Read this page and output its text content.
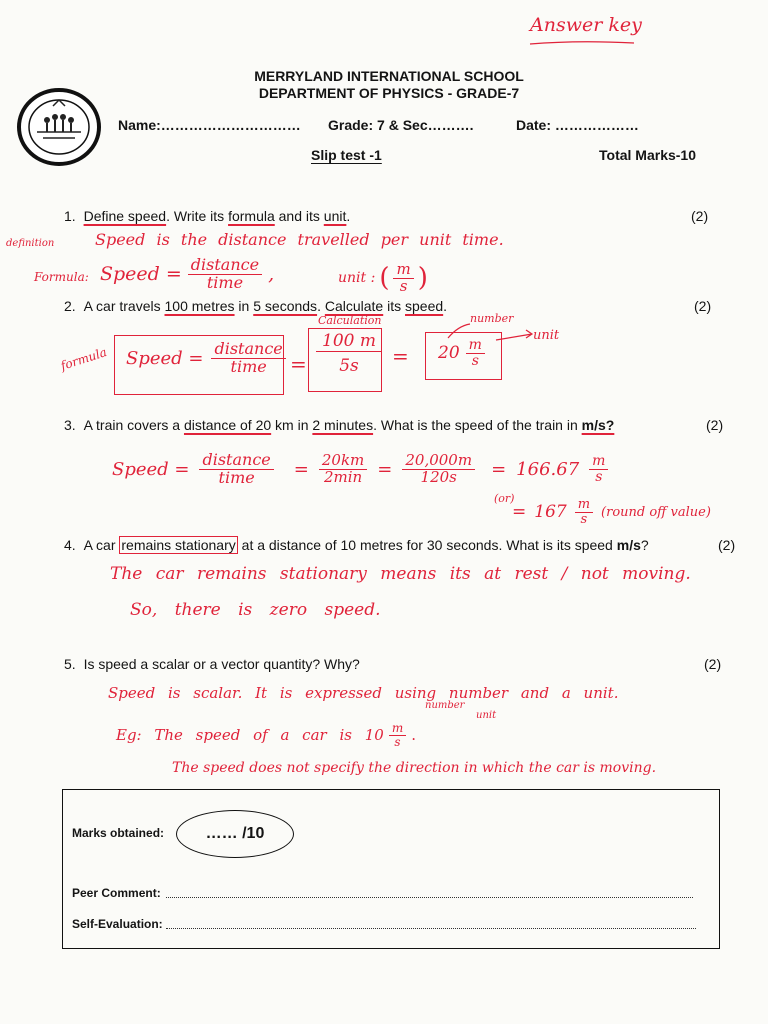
Answer key
MERRYLAND INTERNATIONAL SCHOOL
DEPARTMENT OF PHYSICS - GRADE-7
Name:………………………… Grade: 7 & Sec……….	Date: ………………
Slip test -1	Total Marks-10
1. Define speed. Write its formula and its unit.	(2)
definition	Speed is the distance travelled per unit time.
Formula: Speed = $\frac{\text{distance}}{\text{time}}$ ,	unit : ( $\frac{m}{s}$ )
2. A car travels 100 metres in 5 seconds. Calculate its speed.	(2)
formula Speed = $\frac{\text{distance}}{\text{time}}$ =
Calculation
$\frac{100 m}{5s} = 20 \frac{m}{s}$
number
unit
3. A train covers a distance of 20 km in 2 minutes. What is the speed of the train in m/s?	(2)
Speed = $\frac{\text{distance}}{\text{time}} = \frac{20km}{2\min} = \frac{20,000m}{120s} = 166.67 \frac{m}{s}$
(or)
= $167 \frac{m}{s}$ (round off value)
4. A car remains stationary at a distance of 10 metres for 30 seconds. What is its speed m/s?	(2)
The car remains stationary means its at rest / not moving.
So, there is zero speed.
5. Is speed a scalar or a vector quantity? Why?	(2)
Speed is scalar. It is expressed using number and a unit.
Eg: The speed of a car is $10 \frac{m}{s}$ .
number
unit
The speed does not specify the direction in which the car is moving.
Marks obtained:	…… /10
Peer Comment:
Self-Evaluation:
